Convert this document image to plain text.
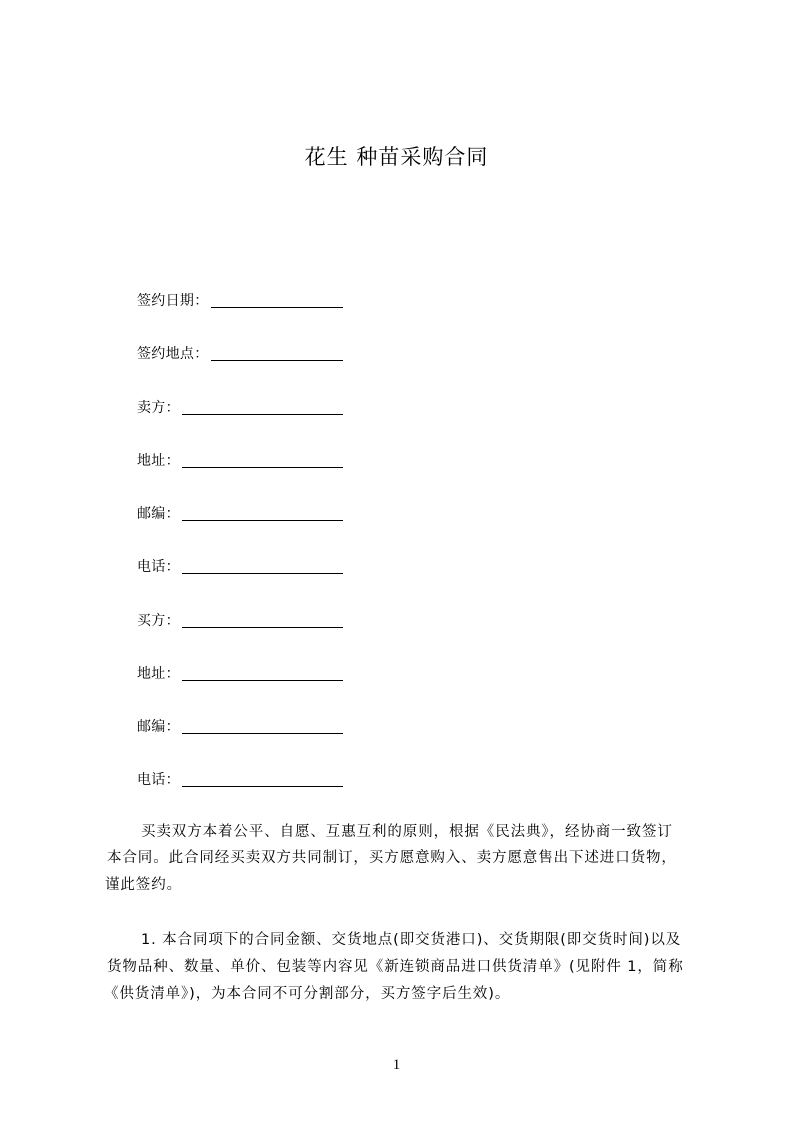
花生 种苗采购合同
签约日期：
签约地点：
卖方：
地址：
邮编：
电话：
买方：
地址：
邮编：
电话：
买卖双方本着公平、自愿、互惠互利的原则，根据《民法典》，经协商一致签订
本合同。此合同经买卖双方共同制订，买方愿意购入、卖方愿意售出下述进口货物，
谨此签约。
1. 本合同项下的合同金额、交货地点(即交货港口)、交货期限(即交货时间)以及
货物品种、数量、单价、包装等内容见《新连锁商品进口供货清单》(见附件 1，简称
《供货清单》)，为本合同不可分割部分，买方签字后生效)。
1
